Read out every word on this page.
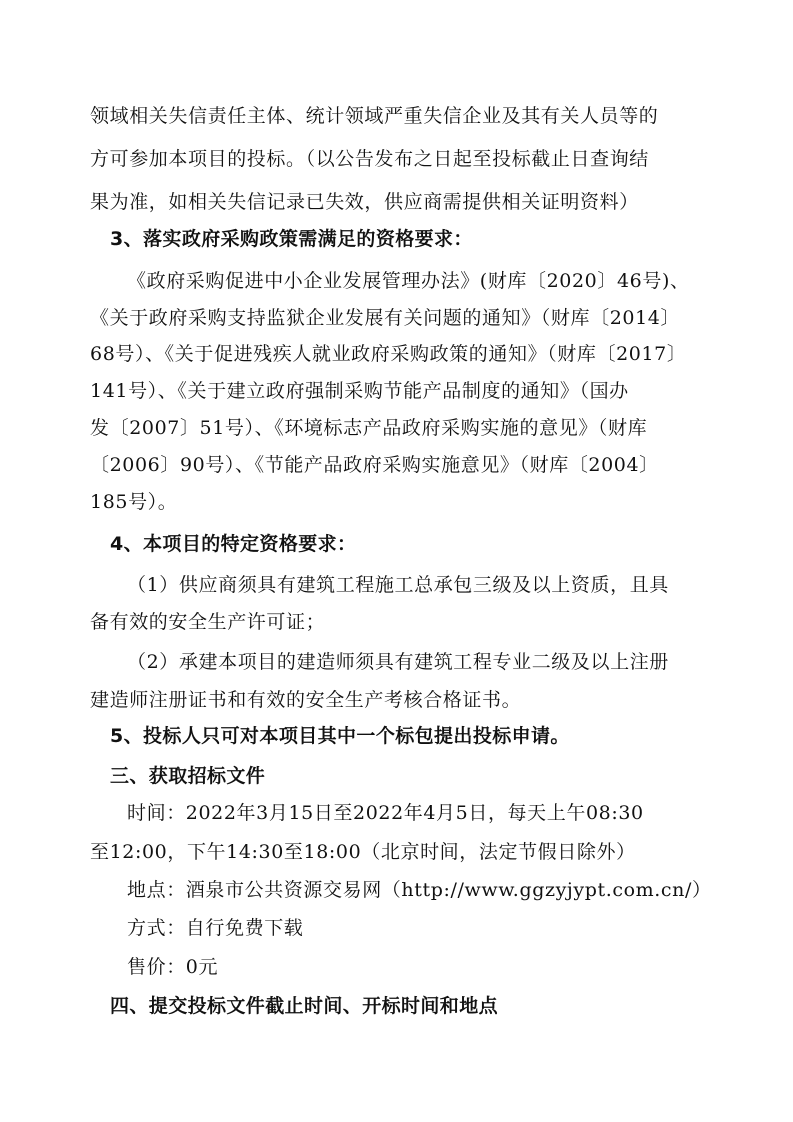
领域相关失信责任主体、统计领域严重失信企业及其有关人员等的
方可参加本项目的投标。（以公告发布之日起至投标截止日查询结
果为准，如相关失信记录已失效，供应商需提供相关证明资料）
3、落实政府采购政策需满足的资格要求：
《政府采购促进中小企业发展管理办法》(财库〔2020〕46号)、
《关于政府采购支持监狱企业发展有关问题的通知》（财库〔2014〕
68号）、《关于促进残疾人就业政府采购政策的通知》（财库〔2017〕
141号）、《关于建立政府强制采购节能产品制度的通知》（国办
发〔2007〕51号）、《环境标志产品政府采购实施的意见》（财库
〔2006〕90号）、《节能产品政府采购实施意见》（财库〔2004〕
185号）。
4、本项目的特定资格要求：
（1）供应商须具有建筑工程施工总承包三级及以上资质，且具
备有效的安全生产许可证；
（2）承建本项目的建造师须具有建筑工程专业二级及以上注册
建造师注册证书和有效的安全生产考核合格证书。
5、投标人只可对本项目其中一个标包提出投标申请。
三、获取招标文件
时间：2022年3月15日至2022年4月5日，每天上午08:30
至12:00，下午14:30至18:00（北京时间，法定节假日除外）
地点：酒泉市公共资源交易网（http://www.ggzyjypt.com.cn/）
方式：自行免费下载
售价：0元
四、提交投标文件截止时间、开标时间和地点
